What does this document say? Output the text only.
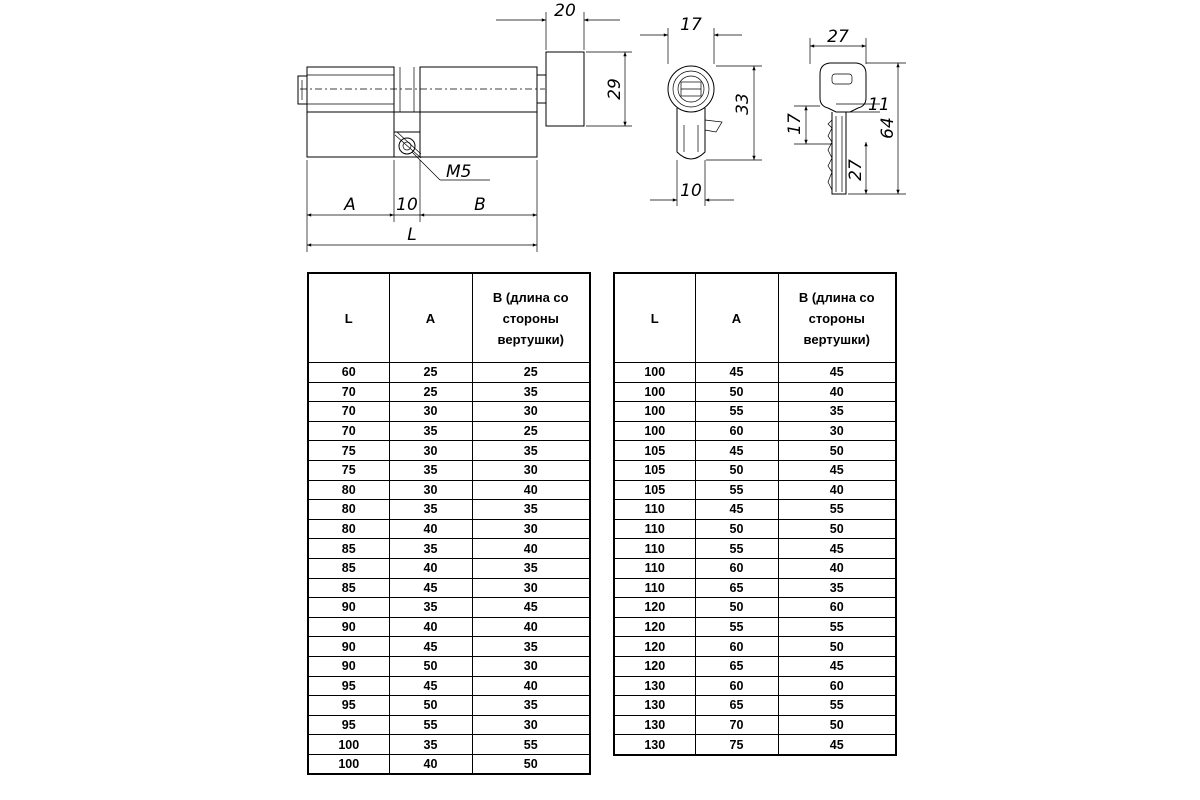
M5
A 10	B
L
20
29
17
33
10
27
64
11
17
27
L	A	B (длина со
стороны
вертушки)
60	25	25
70	25	35
70	30	30
70	35	25
75	30	35
75	35	30
80	30	40
80	35	35
80	40	30
85	35	40
85	40	35
85	45	30
90	35	45
90	40	40
90	45	35
90	50	30
95	45	40
95	50	35
95	55	30
100	35	55
100	40	50
L	A	B (длина со
стороны
вертушки)
100	45	45
100	50	40
100	55	35
100	60	30
105	45	50
105	50	45
105	55	40
110	45	55
110	50	50
110	55	45
110	60	40
110	65	35
120	50	60
120	55	55
120	60	50
120	65	45
130	60	60
130	65	55
130	70	50
130	75	45
